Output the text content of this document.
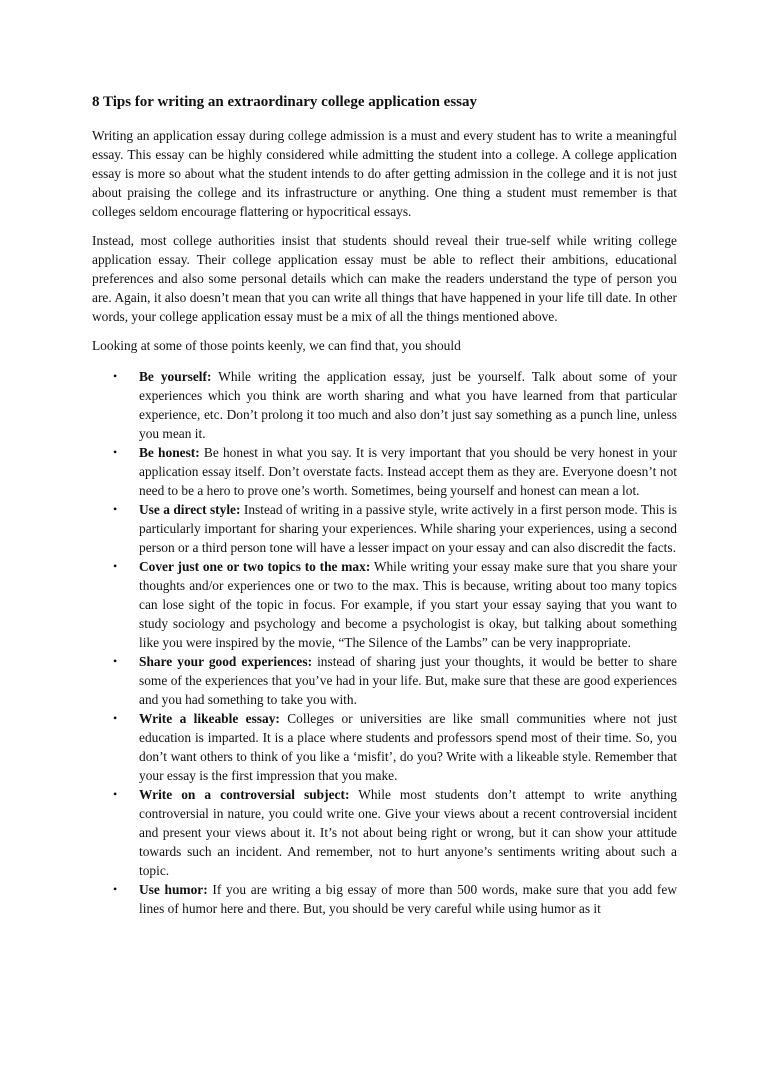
8 Tips for writing an extraordinary college application essay

Writing an application essay during college admission is a must and every student has to write a meaningful essay. This essay can be highly considered while admitting the student into a college. A college application essay is more so about what the student intends to do after getting admission in the college and it is not just about praising the college and its infrastructure or anything. One thing a student must remember is that colleges seldom encourage flattering or hypocritical essays.

Instead, most college authorities insist that students should reveal their true-self while writing college application essay. Their college application essay must be able to reflect their ambitions, educational preferences and also some personal details which can make the readers understand the type of person you are. Again, it also doesn’t mean that you can write all things that have happened in your life till date. In other words, your college application essay must be a mix of all the things mentioned above.

Looking at some of those points keenly, we can find that, you should

• Be yourself: While writing the application essay, just be yourself. Talk about some of your experiences which you think are worth sharing and what you have learned from that particular experience, etc. Don’t prolong it too much and also don’t just say something as a punch line, unless you mean it.
• Be honest: Be honest in what you say. It is very important that you should be very honest in your application essay itself. Don’t overstate facts. Instead accept them as they are. Everyone doesn’t not need to be a hero to prove one’s worth. Sometimes, being yourself and honest can mean a lot.
• Use a direct style: Instead of writing in a passive style, write actively in a first person mode. This is particularly important for sharing your experiences. While sharing your experiences, using a second person or a third person tone will have a lesser impact on your essay and can also discredit the facts.
• Cover just one or two topics to the max: While writing your essay make sure that you share your thoughts and/or experiences one or two to the max. This is because, writing about too many topics can lose sight of the topic in focus. For example, if you start your essay saying that you want to study sociology and psychology and become a psychologist is okay, but talking about something like you were inspired by the movie, “The Silence of the Lambs” can be very inappropriate.
• Share your good experiences: instead of sharing just your thoughts, it would be better to share some of the experiences that you’ve had in your life. But, make sure that these are good experiences and you had something to take you with.
• Write a likeable essay: Colleges or universities are like small communities where not just education is imparted. It is a place where students and professors spend most of their time. So, you don’t want others to think of you like a ‘misfit’, do you? Write with a likeable style. Remember that your essay is the first impression that you make.
• Write on a controversial subject: While most students don’t attempt to write anything controversial in nature, you could write one. Give your views about a recent controversial incident and present your views about it. It’s not about being right or wrong, but it can show your attitude towards such an incident. And remember, not to hurt anyone’s sentiments writing about such a topic.
• Use humor: If you are writing a big essay of more than 500 words, make sure that you add few lines of humor here and there. But, you should be very careful while using humor as it
